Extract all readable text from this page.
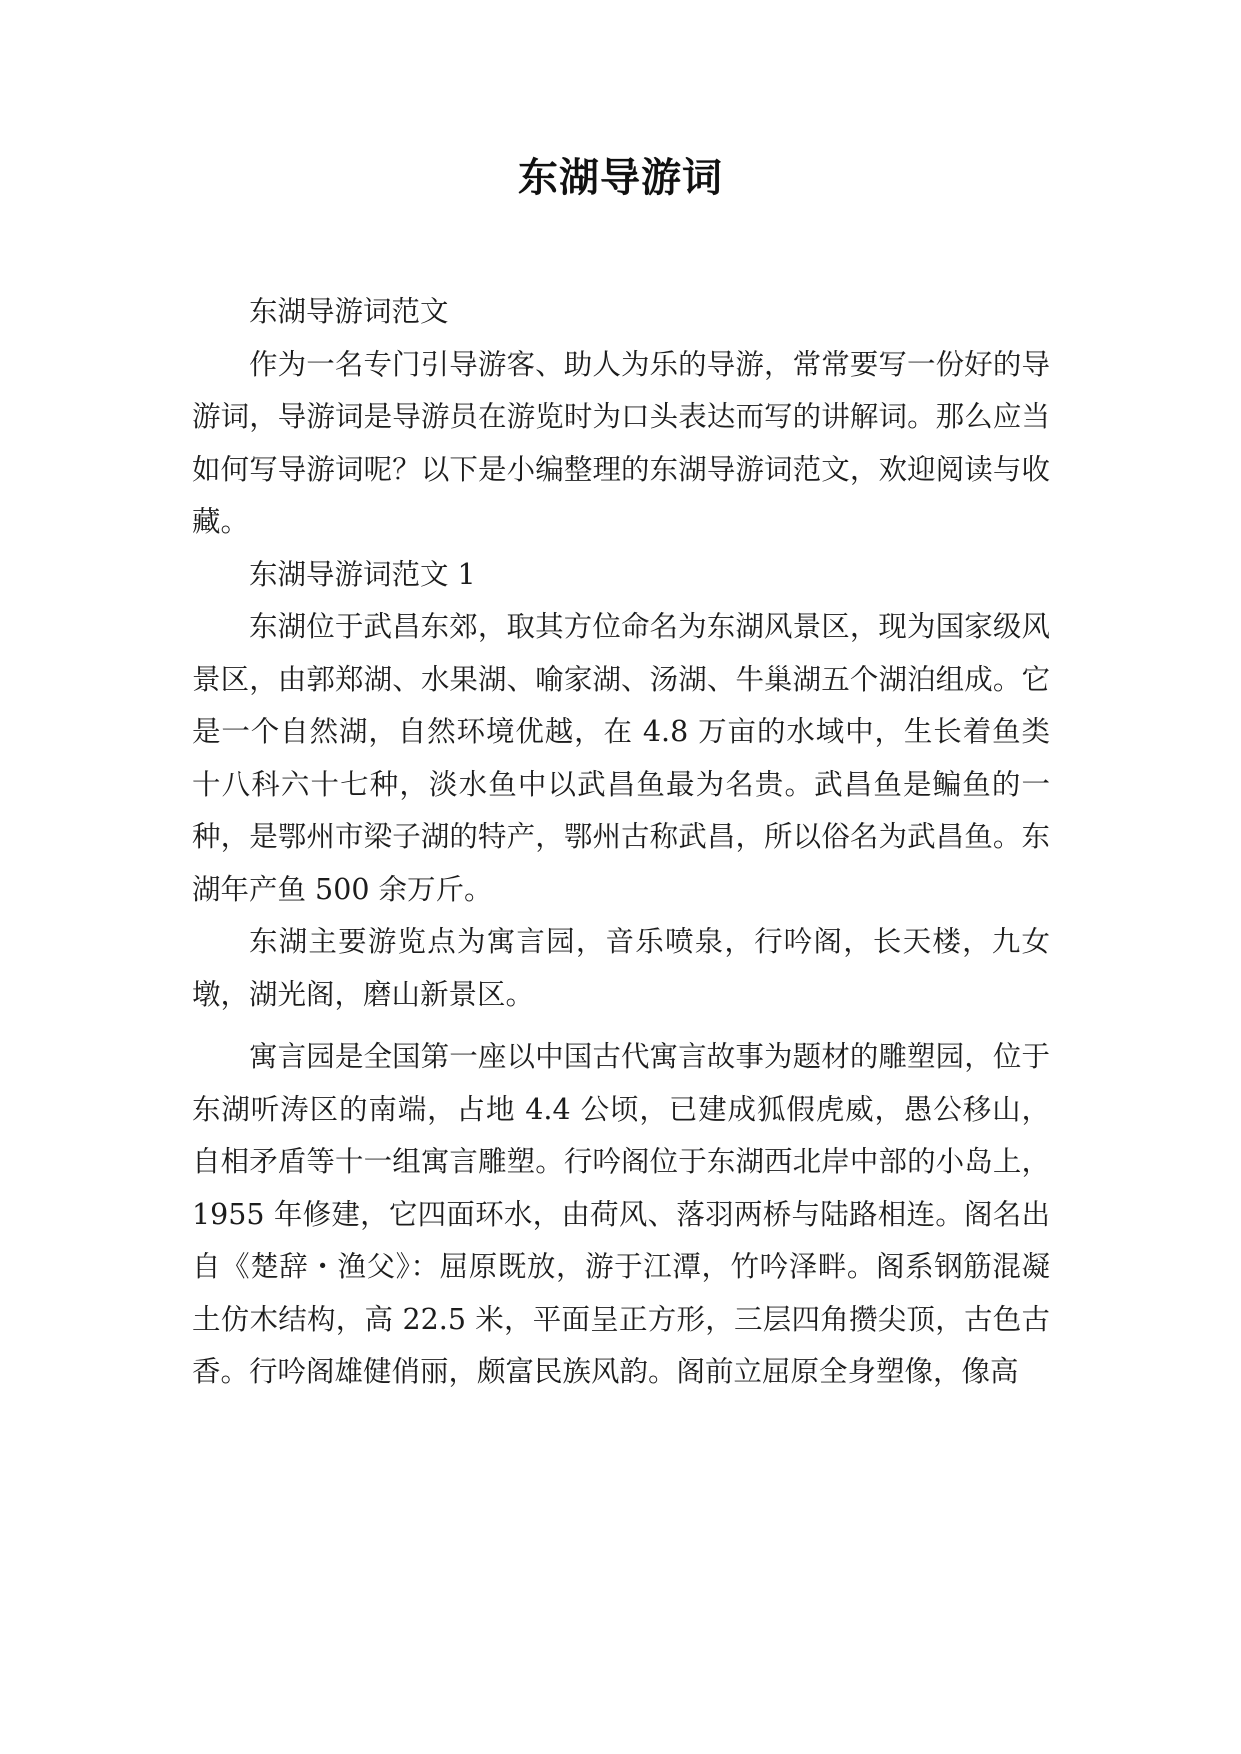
东湖导游词

东湖导游词范文

作为一名专门引导游客、助人为乐的导游，常常要写一份好的导游词，导游词是导游员在游览时为口头表达而写的讲解词。那么应当如何写导游词呢？以下是小编整理的东湖导游词范文，欢迎阅读与收藏。

东湖导游词范文 1

东湖位于武昌东郊，取其方位命名为东湖风景区，现为国家级风景区，由郭郑湖、水果湖、喻家湖、汤湖、牛巢湖五个湖泊组成。它是一个自然湖，自然环境优越，在 4.8 万亩的水域中，生长着鱼类十八科六十七种，淡水鱼中以武昌鱼最为名贵。武昌鱼是鳊鱼的一种，是鄂州市梁子湖的特产，鄂州古称武昌，所以俗名为武昌鱼。东湖年产鱼 500 余万斤。

东湖主要游览点为寓言园，音乐喷泉，行吟阁，长天楼，九女墩，湖光阁，磨山新景区。

寓言园是全国第一座以中国古代寓言故事为题材的雕塑园，位于东湖听涛区的南端，占地 4.4 公顷，已建成狐假虎威，愚公移山，自相矛盾等十一组寓言雕塑。行吟阁位于东湖西北岸中部的小岛上，1955 年修建，它四面环水，由荷风、落羽两桥与陆路相连。阁名出自《楚辞・渔父》：屈原既放，游于江潭，竹吟泽畔。阁系钢筋混凝土仿木结构，高 22.5 米，平面呈正方形，三层四角攒尖顶，古色古香。行吟阁雄健俏丽，颇富民族风韵。阁前立屈原全身塑像，像高
